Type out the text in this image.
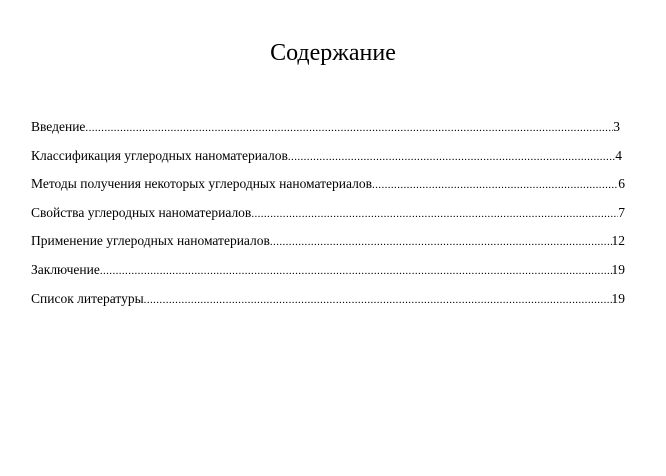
Содержание
Введение .....	3
Классификация углеродных наноматериалов .....	4
Методы получения некоторых углеродных наноматериалов .....	6
Свойства углеродных наноматериалов .....	7
Применение углеродных наноматериалов .....	12
Заключение .....	19
Список литературы .....	19
